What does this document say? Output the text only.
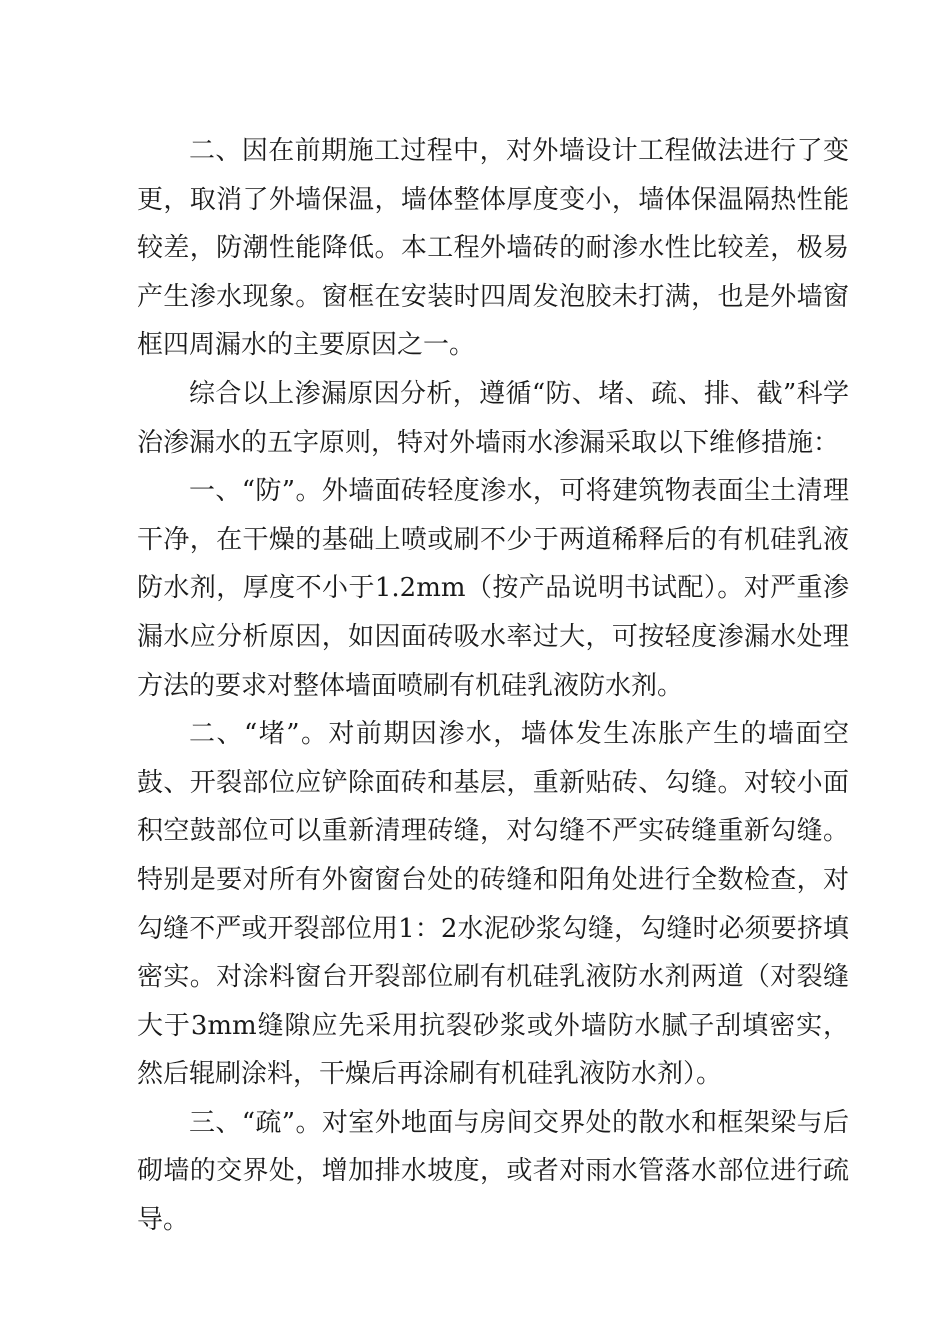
二、因在前期施工过程中，对外墙设计工程做法进行了变更，取消了外墙保温，墙体整体厚度变小，墙体保温隔热性能较差，防潮性能降低。本工程外墙砖的耐渗水性比较差，极易产生渗水现象。窗框在安装时四周发泡胶未打满，也是外墙窗框四周漏水的主要原因之一。

综合以上渗漏原因分析，遵循“防、堵、疏、排、截”科学治渗漏水的五字原则，特对外墙雨水渗漏采取以下维修措施：

一、“防”。外墙面砖轻度渗水，可将建筑物表面尘土清理干净，在干燥的基础上喷或刷不少于两道稀释后的有机硅乳液防水剂，厚度不小于1.2mm（按产品说明书试配）。对严重渗漏水应分析原因，如因面砖吸水率过大，可按轻度渗漏水处理方法的要求对整体墙面喷刷有机硅乳液防水剂。

二、“堵”。对前期因渗水，墙体发生冻胀产生的墙面空鼓、开裂部位应铲除面砖和基层，重新贴砖、勾缝。对较小面积空鼓部位可以重新清理砖缝，对勾缝不严实砖缝重新勾缝。特别是要对所有外窗窗台处的砖缝和阳角处进行全数检查，对勾缝不严或开裂部位用1：2水泥砂浆勾缝，勾缝时必须要挤填密实。对涂料窗台开裂部位刷有机硅乳液防水剂两道（对裂缝大于3mm缝隙应先采用抗裂砂浆或外墙防水腻子刮填密实，然后辊刷涂料，干燥后再涂刷有机硅乳液防水剂）。

三、“疏”。对室外地面与房间交界处的散水和框架梁与后砌墙的交界处，增加排水坡度，或者对雨水管落水部位进行疏导。
